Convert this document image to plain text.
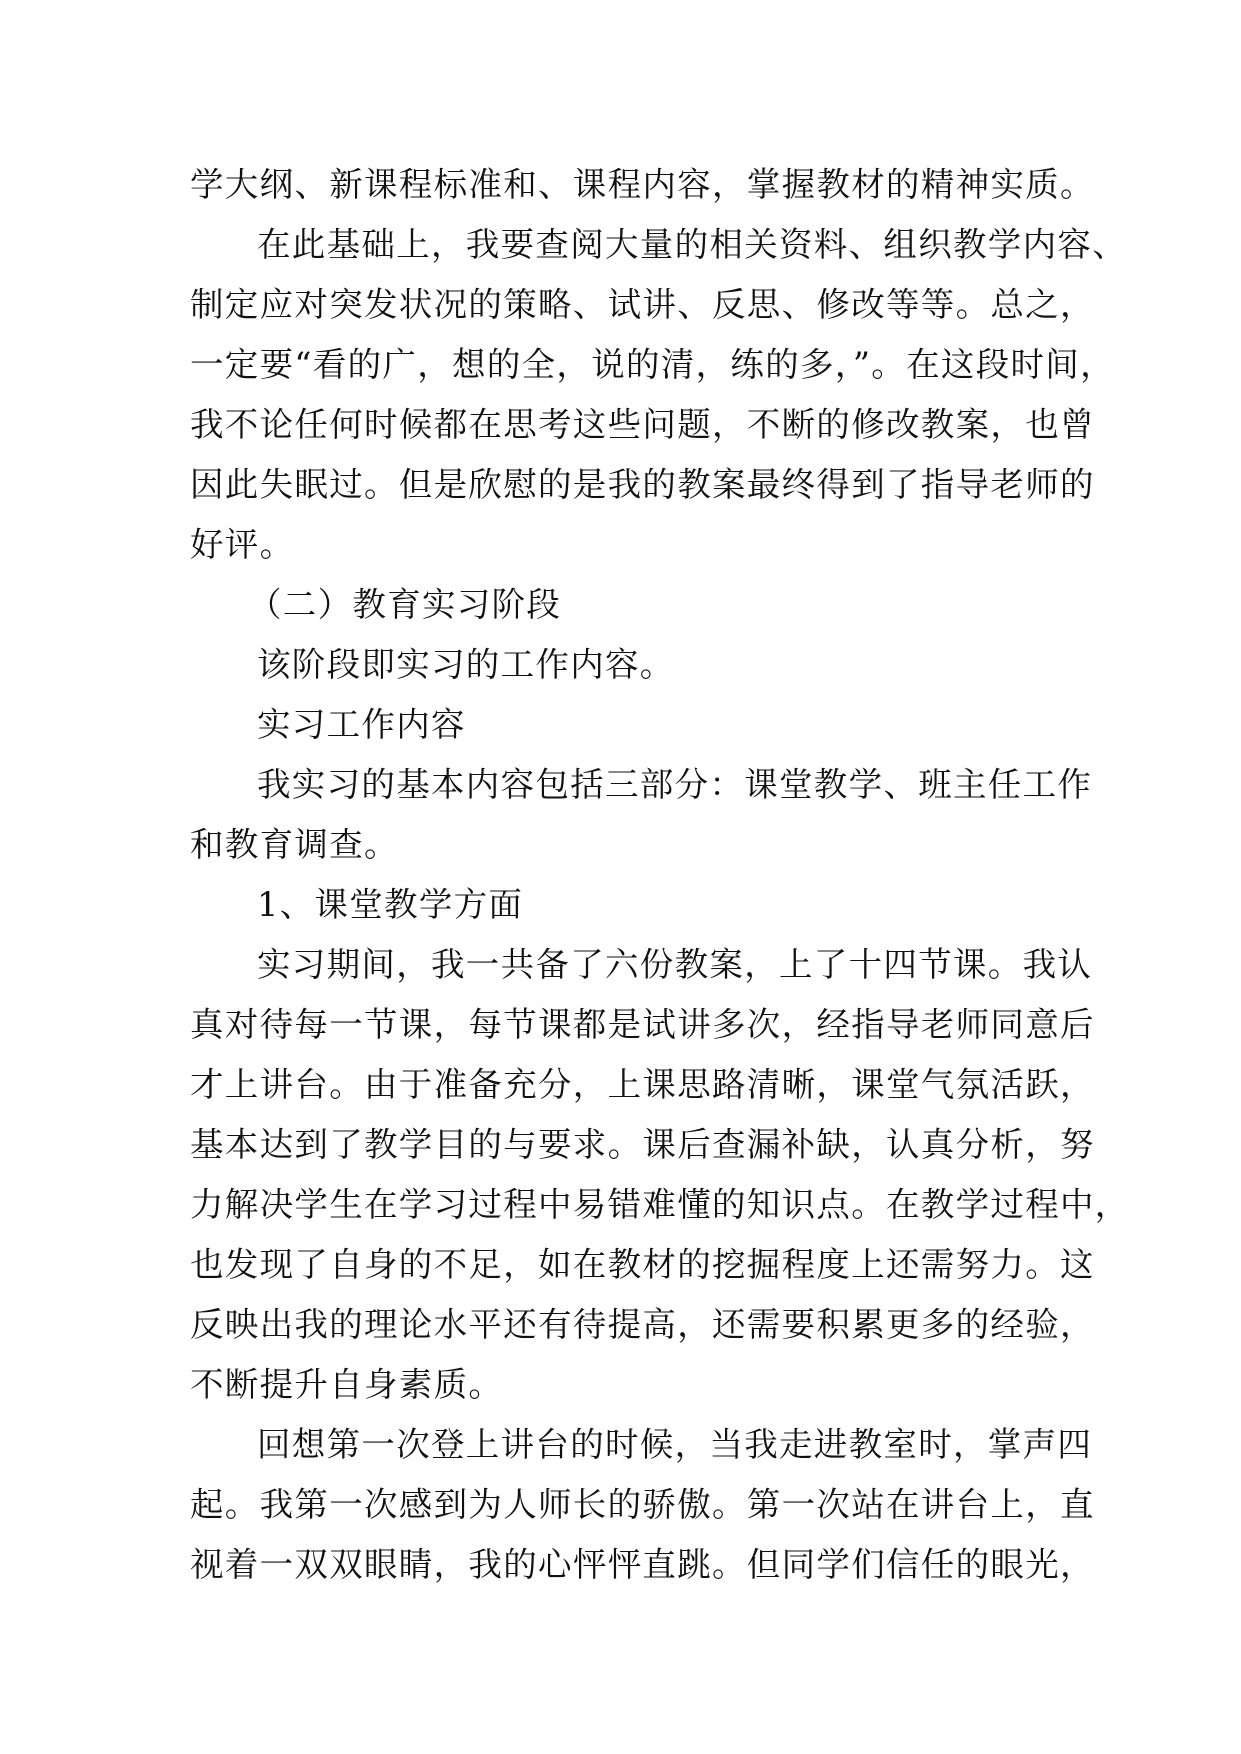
学大纲、新课程标准和、课程内容，掌握教材的精神实质。

在此基础上，我要查阅大量的相关资料、组织教学内容、

制定应对突发状况的策略、试讲、反思、修改等等。总之，

一定要“看的广，想的全，说的清，练的多，”。在这段时间，

我不论任何时候都在思考这些问题，不断的修改教案，也曾

因此失眠过。但是欣慰的是我的教案最终得到了指导老师的

好评。

（二）教育实习阶段

该阶段即实习的工作内容。

实习工作内容

我实习的基本内容包括三部分：课堂教学、班主任工作

和教育调查。

1、课堂教学方面

实习期间，我一共备了六份教案，上了十四节课。我认

真对待每一节课，每节课都是试讲多次，经指导老师同意后

才上讲台。由于准备充分，上课思路清晰，课堂气氛活跃，

基本达到了教学目的与要求。课后查漏补缺，认真分析，努

力解决学生在学习过程中易错难懂的知识点。在教学过程中，

也发现了自身的不足，如在教材的挖掘程度上还需努力。这

反映出我的理论水平还有待提高，还需要积累更多的经验，

不断提升自身素质。

回想第一次登上讲台的时候，当我走进教室时，掌声四

起。我第一次感到为人师长的骄傲。第一次站在讲台上，直

视着一双双眼睛，我的心怦怦直跳。但同学们信任的眼光，
